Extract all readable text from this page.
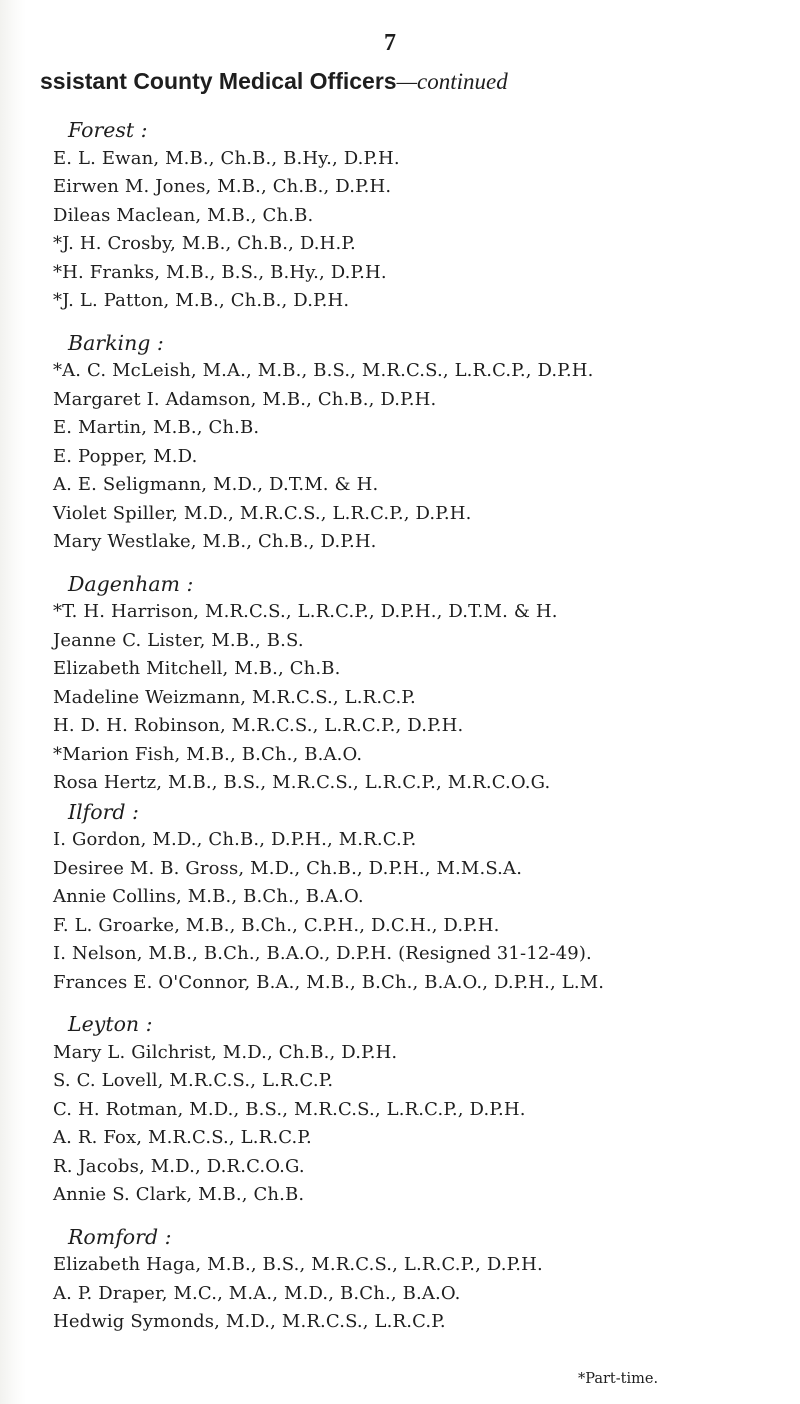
7
ssistant County Medical Officers—continued
Forest :
E. L. Ewan, M.B., Ch.B., B.Hy., D.P.H.
Eirwen M. Jones, M.B., Ch.B., D.P.H.
Dileas Maclean, M.B., Ch.B.
*J. H. Crosby, M.B., Ch.B., D.H.P.
*H. Franks, M.B., B.S., B.Hy., D.P.H.
*J. L. Patton, M.B., Ch.B., D.P.H.
Barking :
*A. C. McLeish, M.A., M.B., B.S., M.R.C.S., L.R.C.P., D.P.H.
Margaret I. Adamson, M.B., Ch.B., D.P.H.
E. Martin, M.B., Ch.B.
E. Popper, M.D.
A. E. Seligmann, M.D., D.T.M. & H.
Violet Spiller, M.D., M.R.C.S., L.R.C.P., D.P.H.
Mary Westlake, M.B., Ch.B., D.P.H.
Dagenham :
*T. H. Harrison, M.R.C.S., L.R.C.P., D.P.H., D.T.M. & H.
Jeanne C. Lister, M.B., B.S.
Elizabeth Mitchell, M.B., Ch.B.
Madeline Weizmann, M.R.C.S., L.R.C.P.
H. D. H. Robinson, M.R.C.S., L.R.C.P., D.P.H.
*Marion Fish, M.B., B.Ch., B.A.O.
Rosa Hertz, M.B., B.S., M.R.C.S., L.R.C.P., M.R.C.O.G.
Ilford :
I. Gordon, M.D., Ch.B., D.P.H., M.R.C.P.
Desiree M. B. Gross, M.D., Ch.B., D.P.H., M.M.S.A.
Annie Collins, M.B., B.Ch., B.A.O.
F. L. Groarke, M.B., B.Ch., C.P.H., D.C.H., D.P.H.
I. Nelson, M.B., B.Ch., B.A.O., D.P.H. (Resigned 31-12-49).
Frances E. O'Connor, B.A., M.B., B.Ch., B.A.O., D.P.H., L.M.
Leyton :
Mary L. Gilchrist, M.D., Ch.B., D.P.H.
S. C. Lovell, M.R.C.S., L.R.C.P.
C. H. Rotman, M.D., B.S., M.R.C.S., L.R.C.P., D.P.H.
A. R. Fox, M.R.C.S., L.R.C.P.
R. Jacobs, M.D., D.R.C.O.G.
Annie S. Clark, M.B., Ch.B.
Romford :
Elizabeth Haga, M.B., B.S., M.R.C.S., L.R.C.P., D.P.H.
A. P. Draper, M.C., M.A., M.D., B.Ch., B.A.O.
Hedwig Symonds, M.D., M.R.C.S., L.R.C.P.
*Part-time.
